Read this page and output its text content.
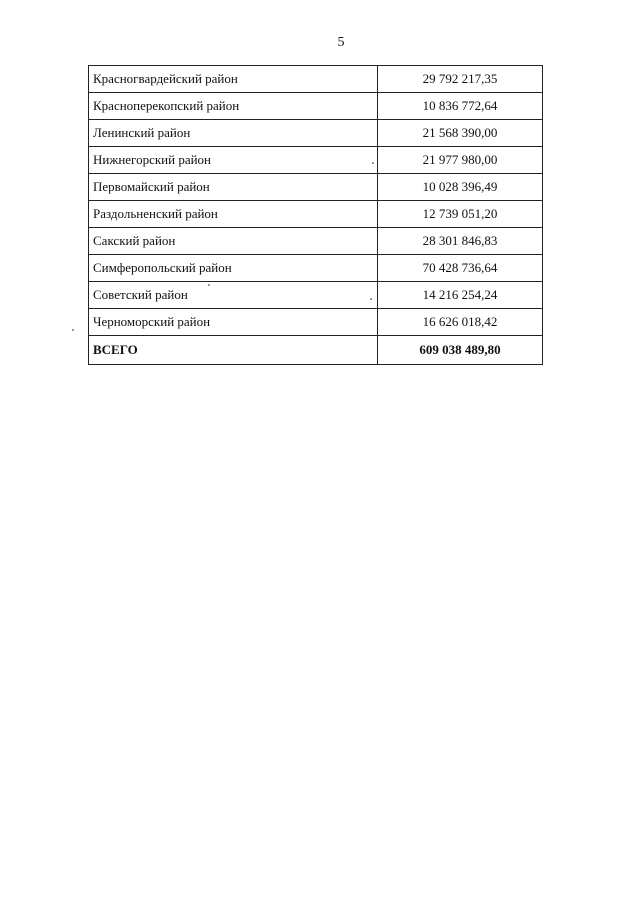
5
Красногвардейский район	29 792 217,35
Красноперекопский район	10 836 772,64
Ленинский район	21 568 390,00
Нижнегорский район	21 977 980,00
Первомайский район	10 028 396,49
Раздольненский район	12 739 051,20
Сакский район	28 301 846,83
Симферопольский район	70 428 736,64
Советский район	14 216 254,24
Черноморский район	16 626 018,42
ВСЕГО	609 038 489,80
